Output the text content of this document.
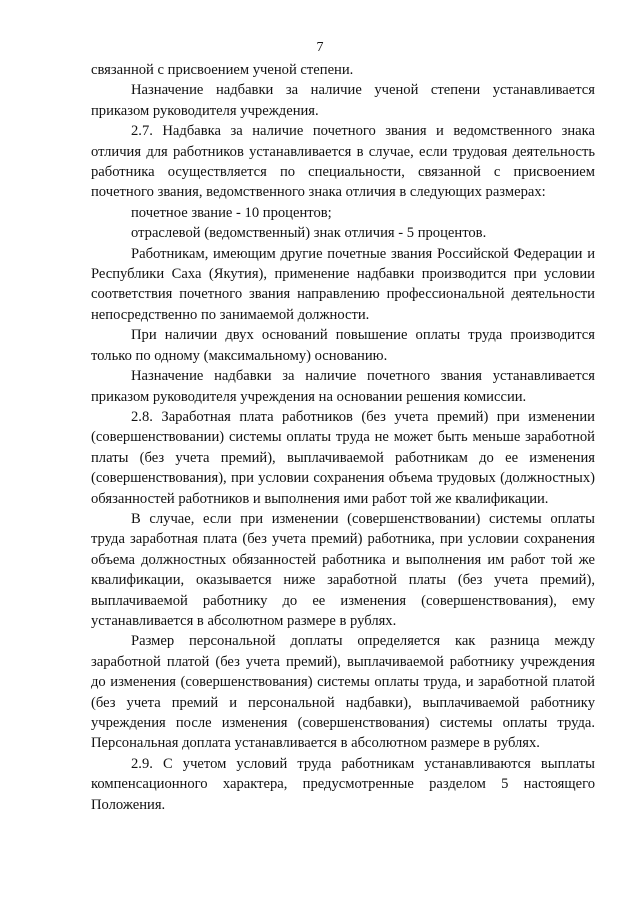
7

связанной с присвоением ученой степени.

Назначение надбавки за наличие ученой степени устанавливается приказом руководителя учреждения.

2.7. Надбавка за наличие почетного звания и ведомственного знака отличия для работников устанавливается в случае, если трудовая деятельность работника осуществляется по специальности, связанной с присвоением почетного звания, ведомственного знака отличия в следующих размерах:

почетное звание - 10 процентов;

отраслевой (ведомственный) знак отличия - 5 процентов.

Работникам, имеющим другие почетные звания Российской Федерации и Республики Саха (Якутия), применение надбавки производится при условии соответствия почетного звания направлению профессиональной деятельности непосредственно по занимаемой должности.

При наличии двух оснований повышение оплаты труда производится только по одному (максимальному) основанию.

Назначение надбавки за наличие почетного звания устанавливается приказом руководителя учреждения на основании решения комиссии.

2.8. Заработная плата работников (без учета премий) при изменении (совершенствовании) системы оплаты труда не может быть меньше заработной платы (без учета премий), выплачиваемой работникам до ее изменения (совершенствования), при условии сохранения объема трудовых (должностных) обязанностей работников и выполнения ими работ той же квалификации.

В случае, если при изменении (совершенствовании) системы оплаты труда заработная плата (без учета премий) работника, при условии сохранения объема должностных обязанностей работника и выполнения им работ той же квалификации, оказывается ниже заработной платы (без учета премий), выплачиваемой работнику до ее изменения (совершенствования), ему устанавливается в абсолютном размере в рублях.

Размер персональной доплаты определяется как разница между заработной платой (без учета премий), выплачиваемой работнику учреждения до изменения (совершенствования) системы оплаты труда, и заработной платой (без учета премий и персональной надбавки), выплачиваемой работнику учреждения после изменения (совершенствования) системы оплаты труда. Персональная доплата устанавливается в абсолютном размере в рублях.

2.9. С учетом условий труда работникам устанавливаются выплаты компенсационного характера, предусмотренные разделом 5 настоящего Положения.
